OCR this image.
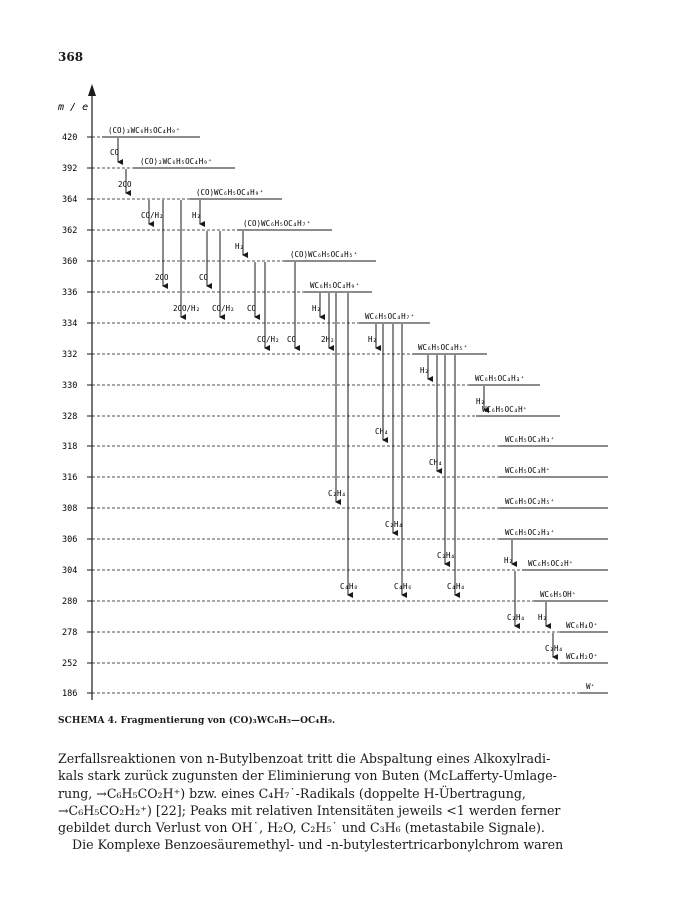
368
m / e
420
(CO)₃WC₆H₅OC₄H₉⁺
392
(CO)₂WC₆H₅OC₄H₉⁺
364
(CO)WC₆H₅OC₄H₉⁺
362
(CO)WC₆H₅OC₄H₇⁺
360
(CO)WC₆H₅OC₄H₅⁺
336
WC₆H₅OC₄H₉⁺
334
WC₆H₅OC₄H₇⁺
332
WC₆H₅OC₄H₅⁺
330
WC₆H₅OC₄H₃⁺
328
WC₆H₅OC₄H⁺
318
WC₆H₅OC₃H₃⁺
316
WC₆H₅OC₃H⁺
308
WC₆H₅OC₂H₅⁺
306
WC₆H₅OC₂H₃⁺
304
WC₆H₅OC₂H⁺
280
WC₆H₅OH⁺
278
WC₆H₄O⁺
252
WC₄H₂O⁺
186
W⁺
CO
2CO
CO/H₂	H₂
H₂
2CO	CO
2CO/H₂ CO/H₂ CO
CO/H₂ CO	2H₂
H₂
H₂
H₂
H₂
CH₄
CH₄
C₂H₄
C₂H₄
C₂H₄
H₂
C₄H₈	C₄H₆	C₄H₄
C₂H₄ H₂
C₂H₄
SCHEMA 4. Fragmentierung von (CO)₃WC₆H₅—OC₄H₉.
Zerfallsreaktionen von n-Butylbenzoat tritt die Abspaltung eines Alkoxylradi-
kals stark zurück zugunsten der Eliminierung von Buten (McLafferty-Umlage-
rung, →C₆H₅CO₂H⁺) bzw. eines C₄H₇˙-Radikals (doppelte H-Übertragung,
→C₆H₅CO₂H₂⁺) [22]; Peaks mit relativen Intensitäten jeweils <1 werden ferner
gebildet durch Verlust von OH˙, H₂O, C₂H₅˙ und C₃H₆ (metastabile Signale).
Die Komplexe Benzoesäuremethyl- und -n-butylestertricarbonylchrom waren
